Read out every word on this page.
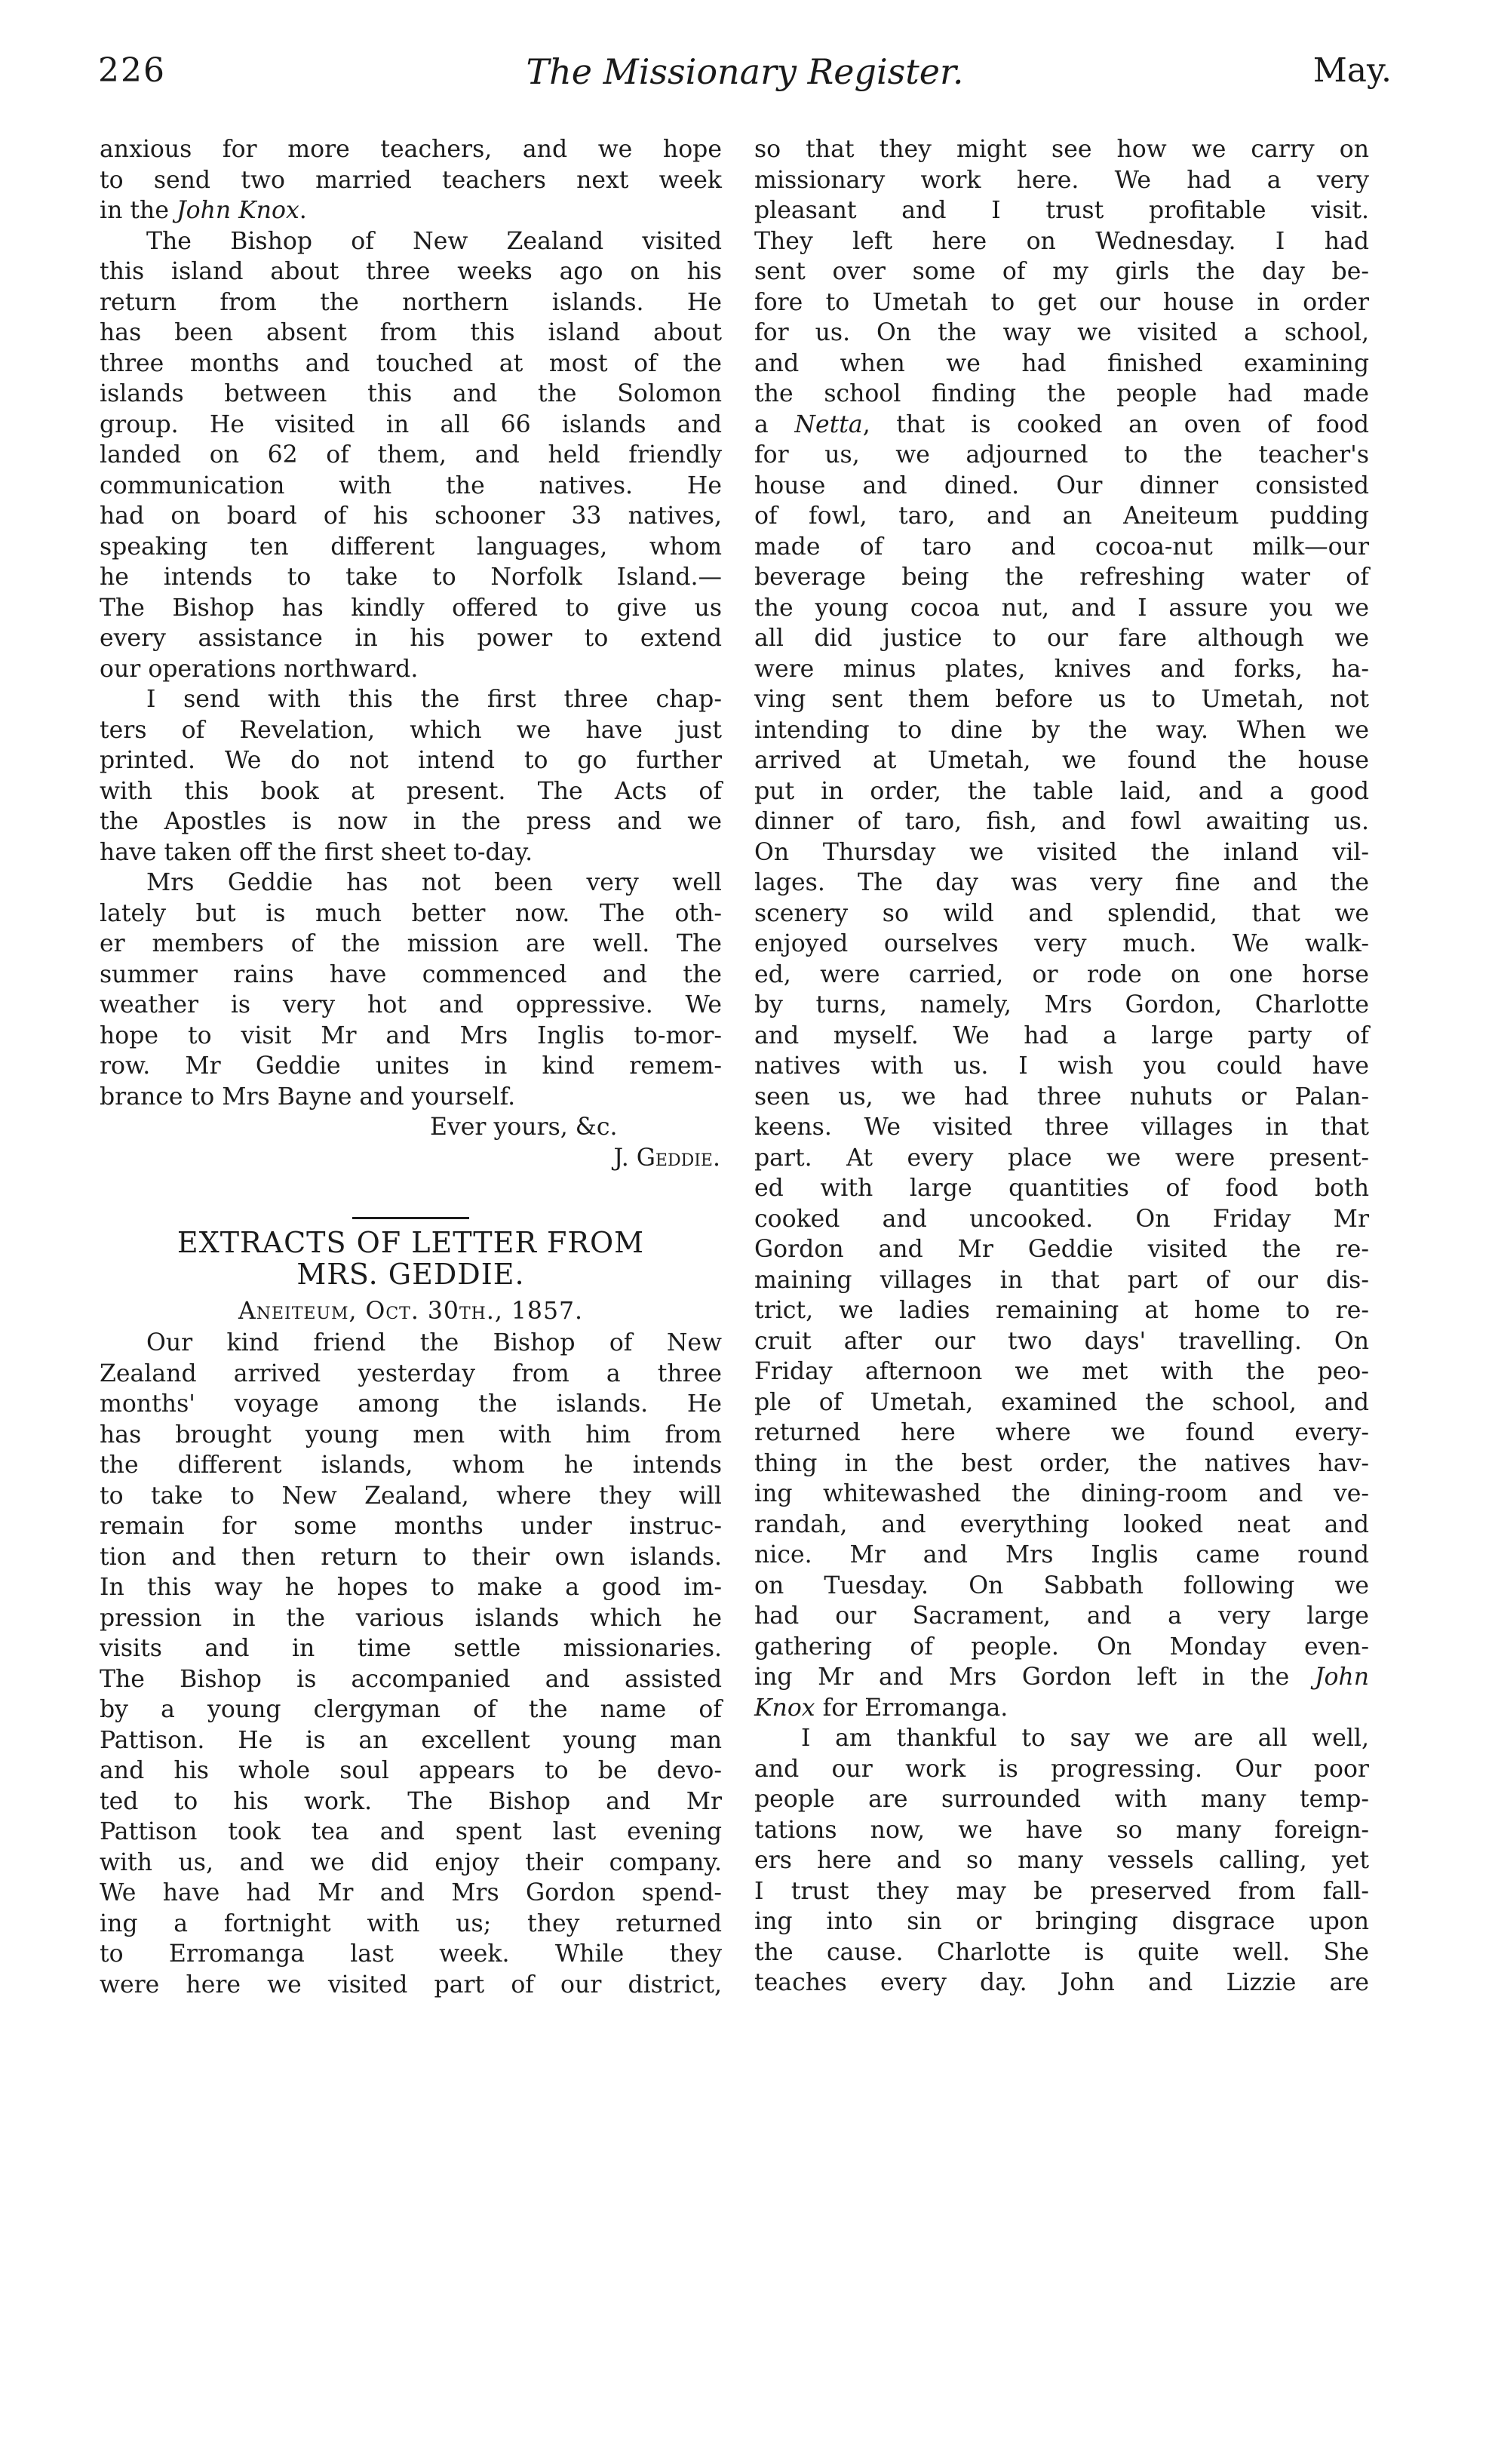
226	The Missionary Register.	May.
anxious for more teachers, and we hope
to send two married teachers next week
in the John Knox.
The Bishop of New Zealand visited
this island about three weeks ago on his
return from the northern islands. He
has been absent from this island about
three months and touched at most of the
islands between this and the Solomon
group. He visited in all 66 islands and
landed on 62 of them, and held friendly
communication with the natives. He
had on board of his schooner 33 natives,
speaking ten different languages, whom
he intends to take to Norfolk Island.—
The Bishop has kindly offered to give us
every assistance in his power to extend
our operations northward.
I send with this the first three chap-
ters of Revelation, which we have just
printed. We do not intend to go further
with this book at present. The Acts of
the Apostles is now in the press and we
have taken off the first sheet to-day.
Mrs Geddie has not been very well
lately but is much better now. The oth-
er members of the mission are well. The
summer rains have commenced and the
weather is very hot and oppressive. We
hope to visit Mr and Mrs Inglis to-mor-
row. Mr Geddie unites in kind remem-
brance to Mrs Bayne and yourself.
Ever yours, &c.
J. Geddie.
EXTRACTS OF LETTER FROM
MRS. GEDDIE.
Aneiteum, Oct. 30th., 1857.
Our kind friend the Bishop of New
Zealand arrived yesterday from a three
months' voyage among the islands. He
has brought young men with him from
the different islands, whom he intends
to take to New Zealand, where they will
remain for some months under instruc-
tion and then return to their own islands.
In this way he hopes to make a good im-
pression in the various islands which he
visits and in time settle missionaries.
The Bishop is accompanied and assisted
by a young clergyman of the name of
Pattison. He is an excellent young man
and his whole soul appears to be devo-
ted to his work. The Bishop and Mr
Pattison took tea and spent last evening
with us, and we did enjoy their company.
We have had Mr and Mrs Gordon spend-
ing a fortnight with us; they returned
to Erromanga last week. While they
were here we visited part of our district,
so that they might see how we carry on
missionary work here. We had a very
pleasant and I trust profitable visit.
They left here on Wednesday. I had
sent over some of my girls the day be-
fore to Umetah to get our house in order
for us. On the way we visited a school,
and when we had finished examining
the school finding the people had made
a Netta, that is cooked an oven of food
for us, we adjourned to the teacher's
house and dined. Our dinner consisted
of fowl, taro, and an Aneiteum pudding
made of taro and cocoa-nut milk—our
beverage being the refreshing water of
the young cocoa nut, and I assure you we
all did justice to our fare although we
were minus plates, knives and forks, ha-
ving sent them before us to Umetah, not
intending to dine by the way. When we
arrived at Umetah, we found the house
put in order, the table laid, and a good
dinner of taro, fish, and fowl awaiting us.
On Thursday we visited the inland vil-
lages. The day was very fine and the
scenery so wild and splendid, that we
enjoyed ourselves very much. We walk-
ed, were carried, or rode on one horse
by turns, namely, Mrs Gordon, Charlotte
and myself. We had a large party of
natives with us. I wish you could have
seen us, we had three nuhuts or Palan-
keens. We visited three villages in that
part. At every place we were present-
ed with large quantities of food both
cooked and uncooked. On Friday Mr
Gordon and Mr Geddie visited the re-
maining villages in that part of our dis-
trict, we ladies remaining at home to re-
cruit after our two days' travelling. On
Friday afternoon we met with the peo-
ple of Umetah, examined the school, and
returned here where we found every-
thing in the best order, the natives hav-
ing whitewashed the dining-room and ve-
randah, and everything looked neat and
nice. Mr and Mrs Inglis came round
on Tuesday. On Sabbath following we
had our Sacrament, and a very large
gathering of people. On Monday even-
ing Mr and Mrs Gordon left in the John
Knox for Erromanga.
I am thankful to say we are all well,
and our work is progressing. Our poor
people are surrounded with many temp-
tations now, we have so many foreign-
ers here and so many vessels calling, yet
I trust they may be preserved from fall-
ing into sin or bringing disgrace upon
the cause. Charlotte is quite well. She
teaches every day. John and Lizzie are
